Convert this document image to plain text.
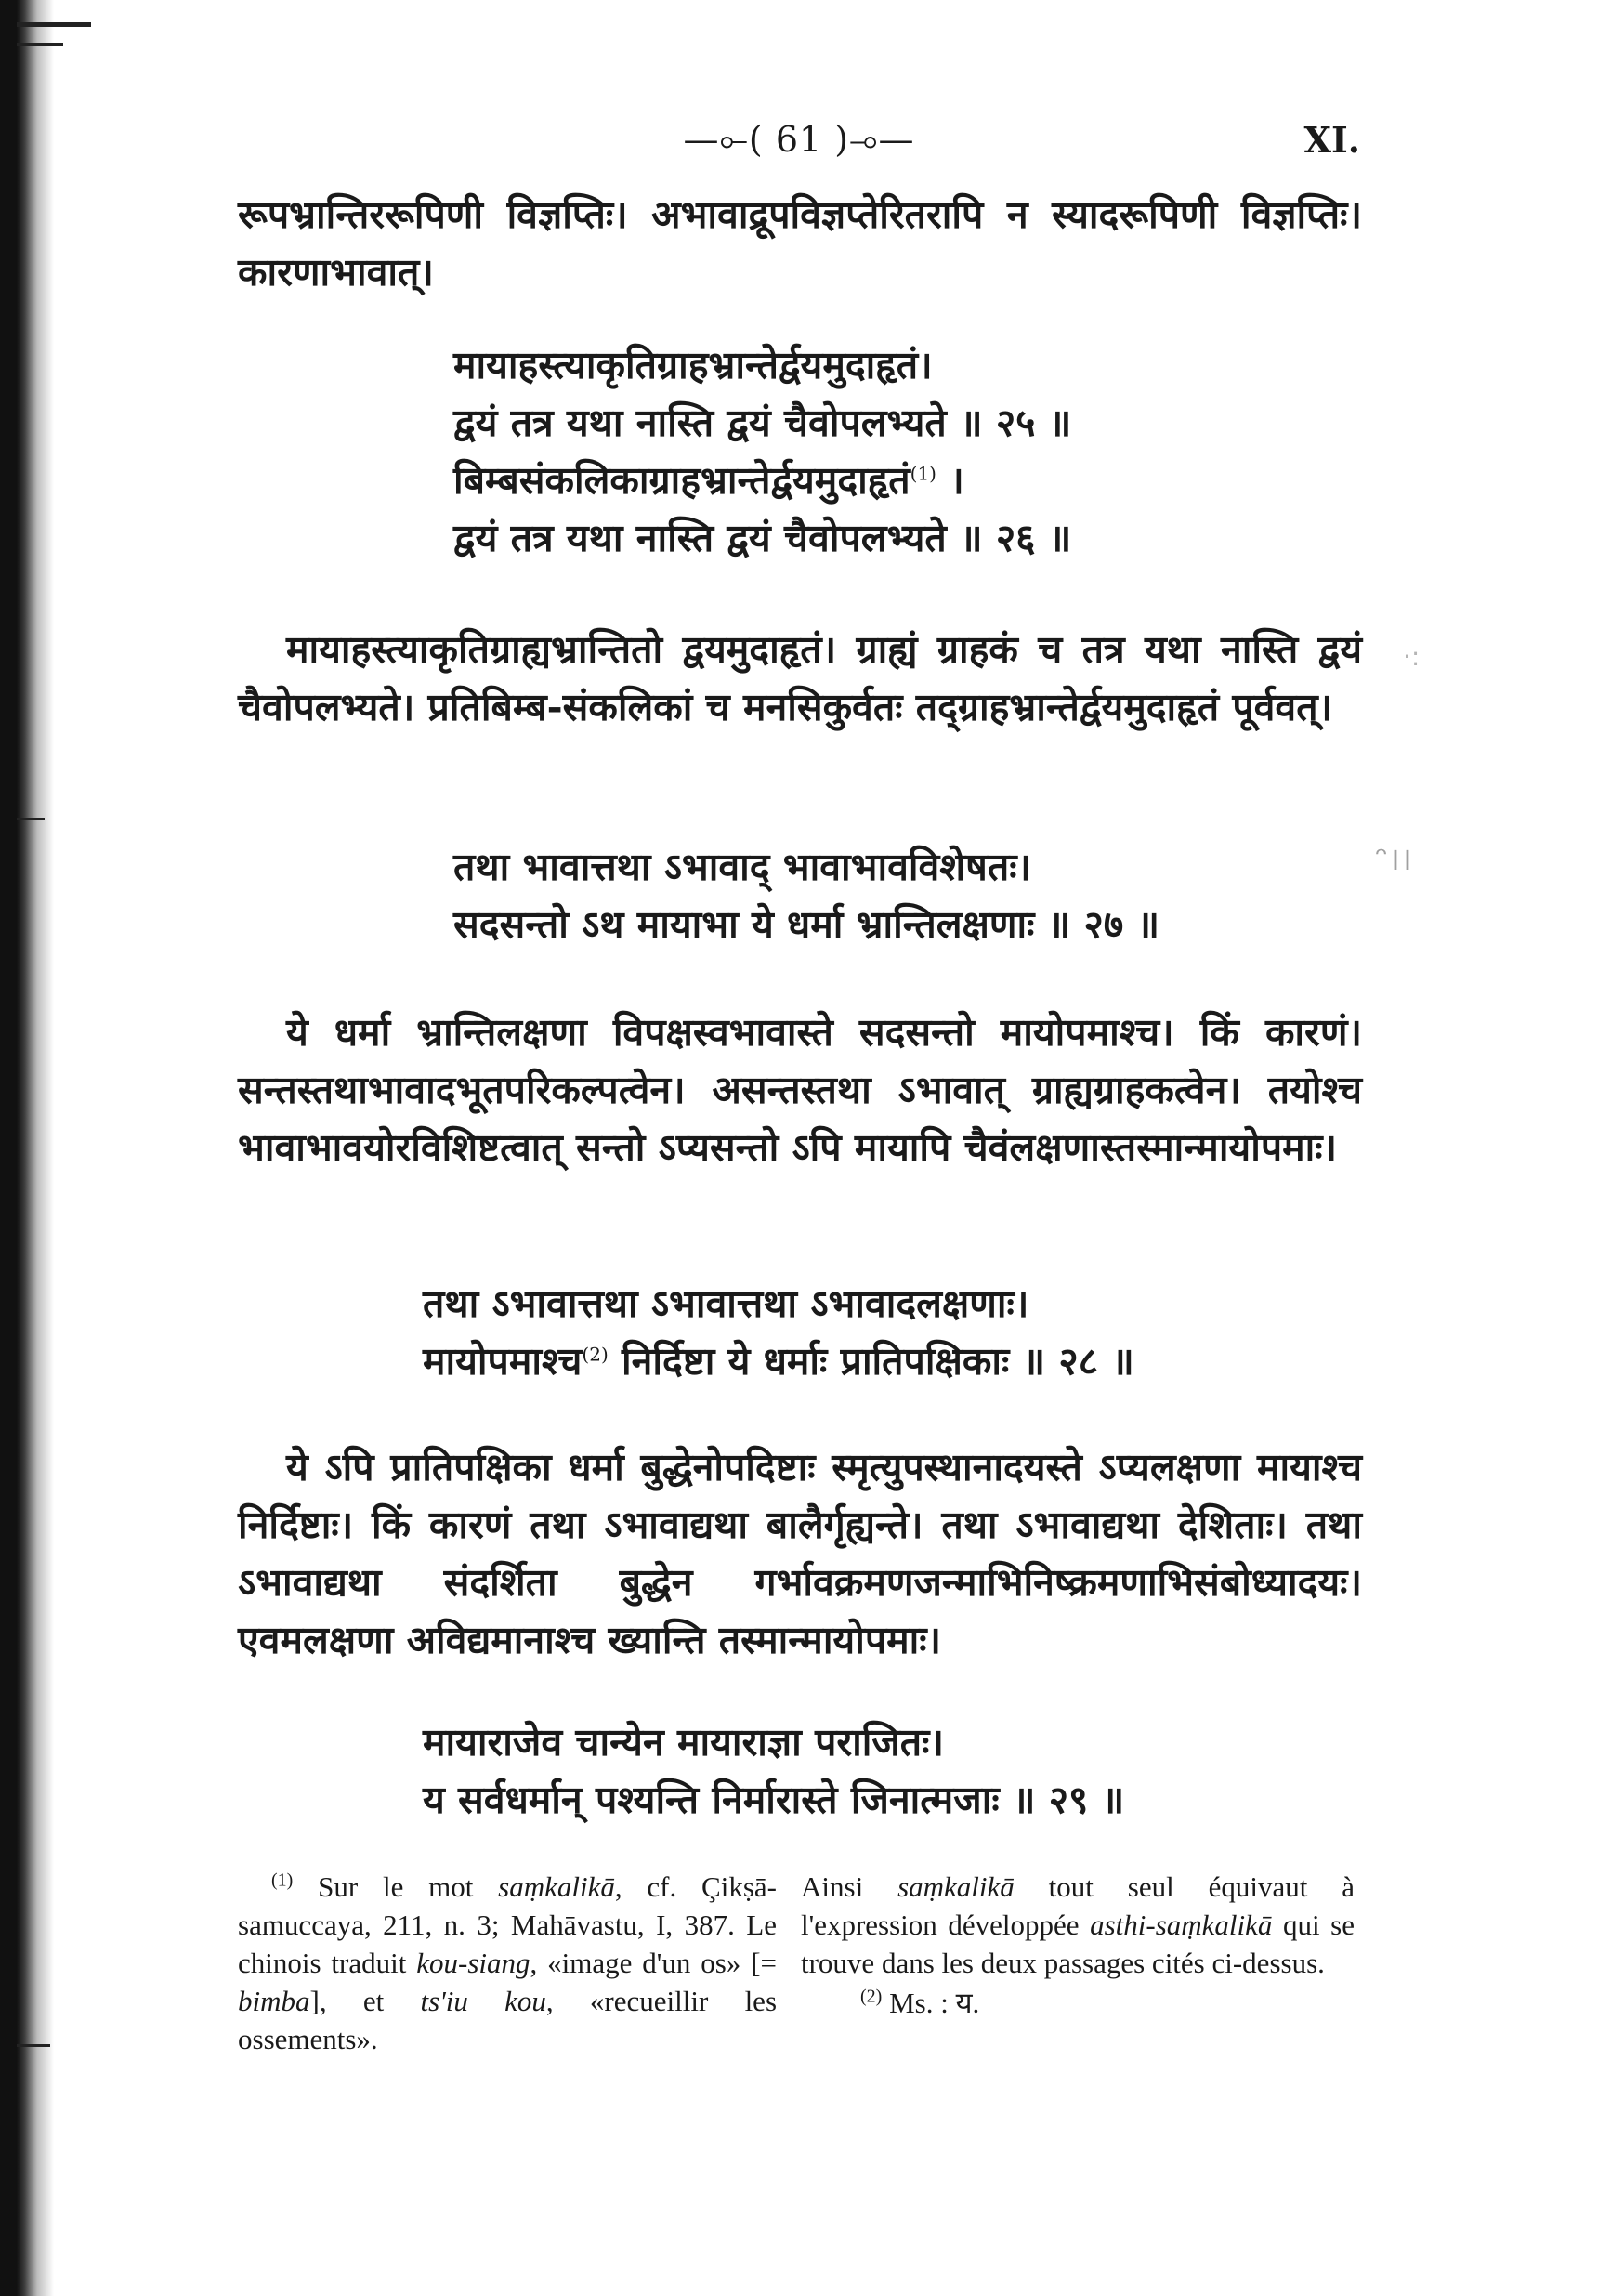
—⟜( 61 )⊸—	XI.
रूपभ्रान्तिररूपिणी विज्ञप्तिः। अभावाद्रूपविज्ञप्तेरितरापि न स्यादरूपिणी विज्ञप्तिः। कारणाभावात्।
मायाहस्त्याकृतिग्राहभ्रान्तेर्द्वयमुदाहृतं।
द्वयं तत्र यथा नास्ति द्वयं चैवोपलभ्यते ॥ २५ ॥
बिम्बसंकलिकाग्राहभ्रान्तेर्द्वयमुदाहृतं$^{(1)}$ ।
द्वयं तत्र यथा नास्ति द्वयं चैवोपलभ्यते ॥ २६ ॥
मायाहस्त्याकृतिग्राह्यभ्रान्तितो द्वयमुदाहृतं। ग्राह्यं ग्राहकं च तत्र यथा नास्ति द्वयं चैवोपलभ्यते। प्रतिबिम्ब-संकलिकां च मनसिकुर्वतः तद्ग्राहभ्रान्तेर्द्वयमुदाहृतं पूर्ववत्।
तथा भावात्तथा ऽभावाद् भावाभावविशेषतः।
सदसन्तो ऽथ मायाभा ये धर्मा भ्रान्तिलक्षणाः ॥ २७ ॥
ये धर्मा भ्रान्तिलक्षणा विपक्षस्वभावास्ते सदसन्तो मायोपमाश्च। किं कारणं। सन्तस्तथाभावादभूतपरिकल्पत्वेन। असन्तस्तथा ऽभावात् ग्राह्यग्राहकत्वेन। तयोश्च भावाभावयोरविशिष्टत्वात् सन्तो ऽप्यसन्तो ऽपि मायापि चैवंलक्षणास्तस्मान्मायोपमाः।
तथा ऽभावात्तथा ऽभावात्तथा ऽभावादलक्षणाः।
मायोपमाश्च$^{(2)}$ निर्दिष्टा ये धर्माः प्रातिपक्षिकाः ॥ २८ ॥
ये ऽपि प्रातिपक्षिका धर्मा बुद्धेनोपदिष्टाः स्मृत्युपस्थानादयस्ते ऽप्यलक्षणा मायाश्च निर्दिष्टाः। किं कारणं तथा ऽभावाद्यथा बालैर्गृह्यन्ते। तथा ऽभावाद्यथा देशिताः। तथा ऽभावाद्यथा संदर्शिता बुद्धेन गर्भावक्रमणजन्माभिनिष्क्रमणाभिसंबोध्यादयः। एवमलक्षणा अविद्यमानाश्च ख्यान्ति तस्मान्मायोपमाः।
मायाराजेव चान्येन मायाराज्ञा पराजितः।
य सर्वधर्मान् पश्यन्ति निर्मारास्ते जिनात्मजाः ॥ २९ ॥
$^{(1)}$ Sur le mot saṃkalikā, cf. Çikṣā-samuccaya, 211, n. 3; Mahāvastu, I, 387. Le chinois traduit kou-siang, «image d'un os» [= bimba], et ts'iu kou, «recueillir les ossements».
Ainsi saṃkalikā tout seul équivaut à l'expression développée asthi-saṃkalikā qui se trouve dans les deux passages cités ci-dessus.
$^{(2)}$ Ms. : य.
·:
ᵔ।।
